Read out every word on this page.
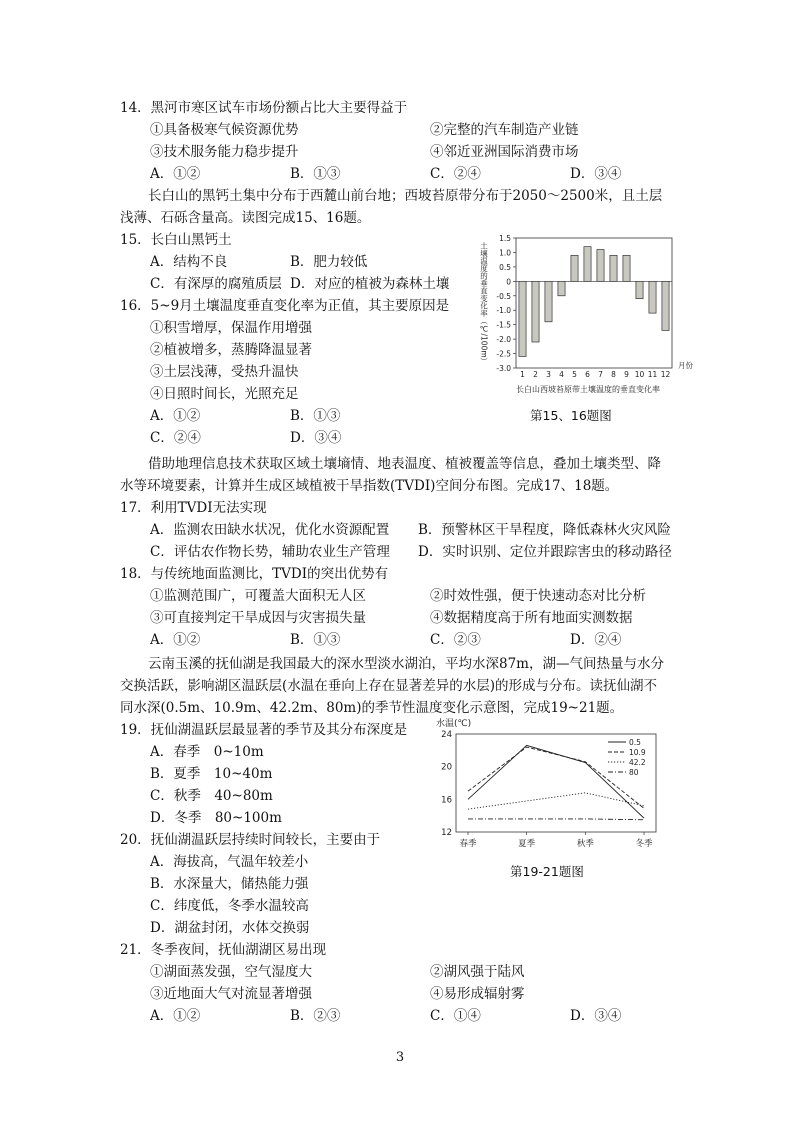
14．黑河市寒区试车市场份额占比大主要得益于
①具备极寒气候资源优势	②完整的汽车制造产业链
③技术服务能力稳步提升	④邻近亚洲国际消费市场
A．①②	B．①③	C．②④	D．③④
长白山的黑钙土集中分布于西麓山前台地；西坡苔原带分布于2050～2500米，且土层
浅薄、石砾含量高。读图完成15、16题。
15．长白山黑钙土
A．结构不良	B．肥力较低
C．有深厚的腐殖质层 D．对应的植被为森林土壤
16．5~9月土壤温度垂直变化率为正值，其主要原因是
①积雪增厚，保温作用增强
②植被增多，蒸腾降温显著
③土层浅薄，受热升温快
④日照时间长，光照充足
A．①②	B．①③
C．②④	D．③④
土壤温度的垂直变化率（℃/100m）
1.5
1.0
0.5
0
-0.5
-1.0
-1.5
-2.0
-2.5
-3.0
1 2 3 4 5 6 7 8 9 10 11 12
月份
长白山西坡苔原带土壤温度的垂直变化率
第15、16题图
借助地理信息技术获取区域土壤墒情、地表温度、植被覆盖等信息，叠加土壤类型、降
水等环境要素，计算并生成区域植被干旱指数(TVDI)空间分布图。完成17、18题。
17．利用TVDI无法实现
A．监测农田缺水状况，优化水资源配置 B．预警林区干旱程度，降低森林火灾风险
C．评估农作物长势，辅助农业生产管理 D．实时识别、定位并跟踪害虫的移动路径
18．与传统地面监测比，TVDI的突出优势有
①监测范围广，可覆盖大面积无人区	②时效性强，便于快速动态对比分析
③可直接判定干旱成因与灾害损失量	④数据精度高于所有地面实测数据
A．①②	B．①③	C．②③	D．②④
云南玉溪的抚仙湖是我国最大的深水型淡水湖泊，平均水深87m，湖—气间热量与水分
交换活跃，影响湖区温跃层(水温在垂向上存在显著差异的水层)的形成与分布。读抚仙湖不
同水深(0.5m、10.9m、42.2m、80m)的季节性温度变化示意图，完成19~21题。
19．抚仙湖温跃层最显著的季节及其分布深度是
A．春季　0~10m
B．夏季　10~40m
C．秋季　40~80m
D．冬季　80~100m
20．抚仙湖温跃层持续时间较长，主要由于
A．海拔高，气温年较差小
B．水深量大，储热能力强
C．纬度低，冬季水温较高
D．湖盆封闭，水体交换弱
21．冬季夜间，抚仙湖湖区易出现
①湖面蒸发强，空气湿度大	②湖风强于陆风
③近地面大气对流显著增强	④易形成辐射雾
A．①②	B．②③	C．①④	D．③④
水温(℃)
24
20
16
12
春季	夏季	秋季	冬季
0.5
10.9
42.2
80
第19-21题图
3
